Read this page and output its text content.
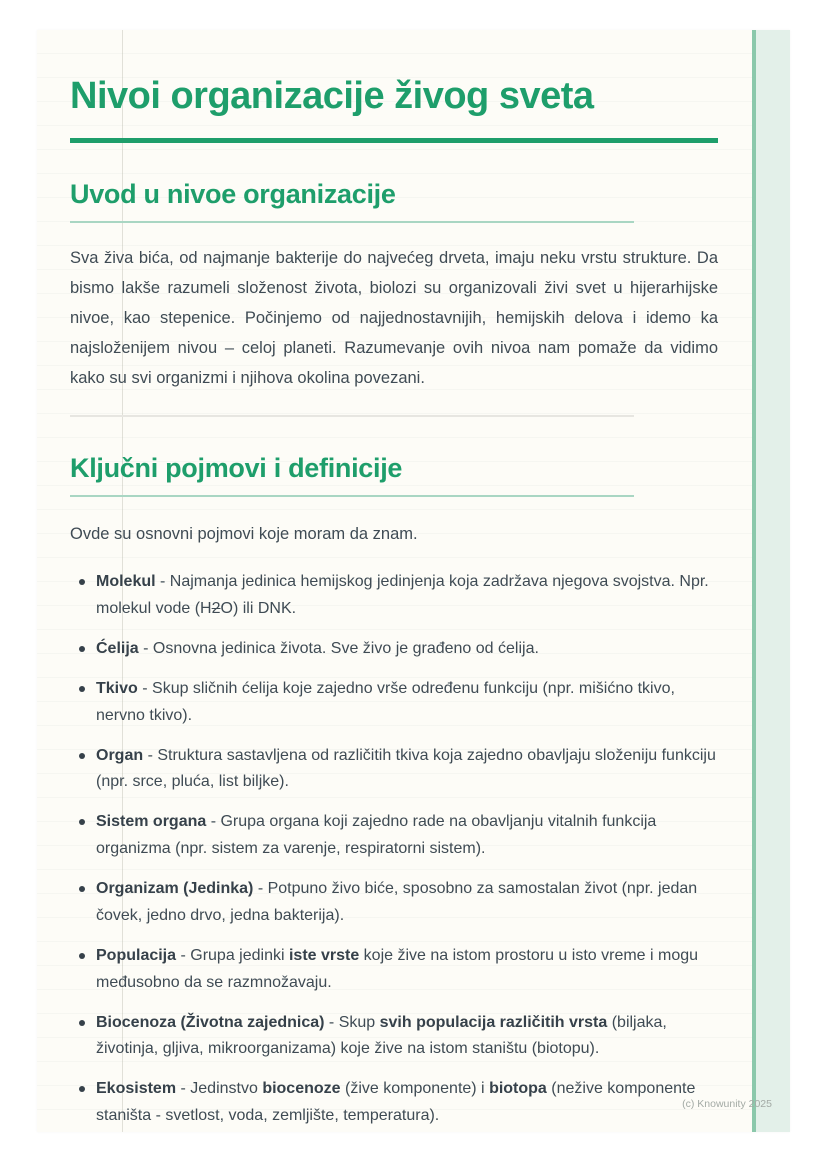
Nivoi organizacije živog sveta
Uvod u nivoe organizacije

Sva živa bića, od najmanje bakterije do najvećeg drveta, imaju neku vrstu strukture. Da bismo lakše razumeli složenost života, biolozi su organizovali živi svet u hijerarhijske nivoe, kao stepenice. Počinjemo od najjednostavnijih, hemijskih delova i idemo ka najsloženijem nivou – celoj planeti. Razumevanje ovih nivoa nam pomaže da vidimo kako su svi organizmi i njihova okolina povezani.

Ključni pojmovi i definicije

Ovde su osnovni pojmovi koje moram da znam.

Molekul - Najmanja jedinica hemijskog jedinjenja koja zadržava njegova svojstva. Npr. molekul vode (H2O) ili DNK.
Ćelija - Osnovna jedinica života. Sve živo je građeno od ćelija.
Tkivo - Skup sličnih ćelija koje zajedno vrše određenu funkciju (npr. mišićno tkivo, nervno tkivo).
Organ - Struktura sastavljena od različitih tkiva koja zajedno obavljaju složeniju funkciju (npr. srce, pluća, list biljke).
Sistem organa - Grupa organa koji zajedno rade na obavljanju vitalnih funkcija organizma (npr. sistem za varenje, respiratorni sistem).
Organizam (Jedinka) - Potpuno živo biće, sposobno za samostalan život (npr. jedan čovek, jedno drvo, jedna bakterija).
Populacija - Grupa jedinki iste vrste koje žive na istom prostoru u isto vreme i mogu međusobno da se razmnožavaju.
Biocenoza (Životna zajednica) - Skup svih populacija različitih vrsta (biljaka, životinja, gljiva, mikroorganizama) koje žive na istom staništu (biotopu).
Ekosistem - Jedinstvo biocenoze (žive komponente) i biotopa (nežive komponente staništa - svetlost, voda, zemljište, temperatura).
(c) Knowunity 2025
